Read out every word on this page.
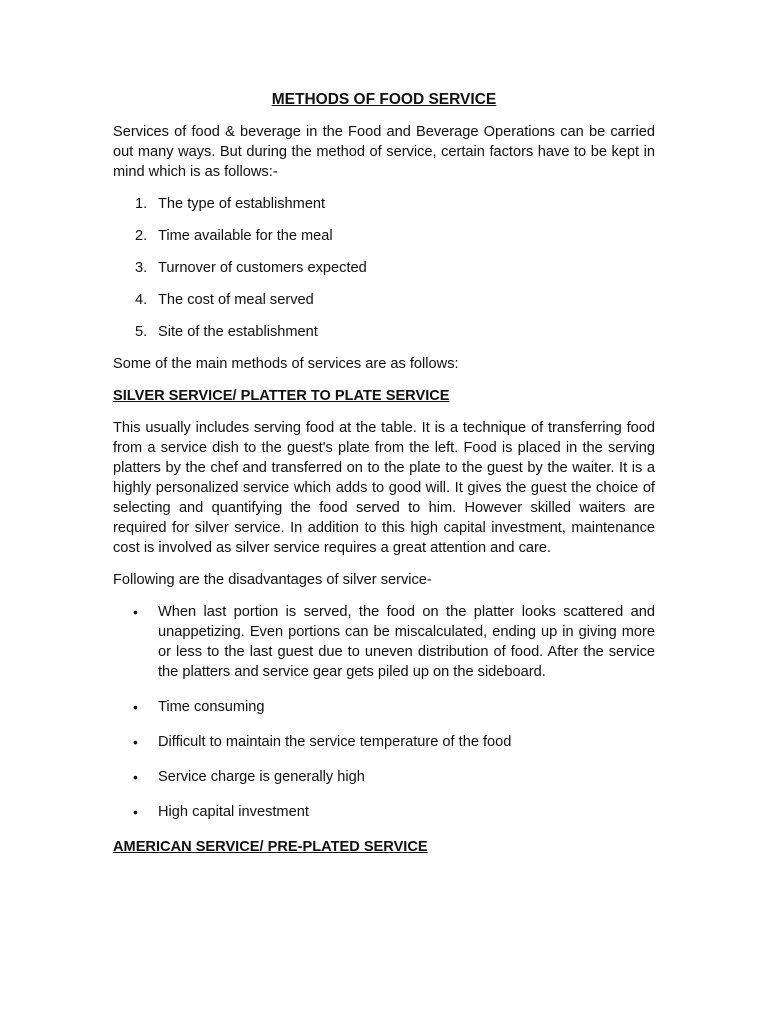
METHODS OF FOOD SERVICE
Services of food & beverage in the Food and Beverage Operations can be carried out many ways. But during the method of service, certain factors have to be kept in mind which is as follows:-
1. The type of establishment
2. Time available for the meal
3. Turnover of customers expected
4. The cost of meal served
5. Site of the establishment
Some of the main methods of services are as follows:
SILVER SERVICE/ PLATTER TO PLATE SERVICE
This usually includes serving food at the table. It is a technique of transferring food from a service dish to the guest's plate from the left. Food is placed in the serving platters by the chef and transferred on to the plate to the guest by the waiter. It is a highly personalized service which adds to good will. It gives the guest the choice of selecting and quantifying the food served to him. However skilled waiters are required for silver service. In addition to this high capital investment, maintenance cost is involved as silver service requires a great attention and care.
Following are the disadvantages of silver service-
• When last portion is served, the food on the platter looks scattered and unappetizing. Even portions can be miscalculated, ending up in giving more or less to the last guest due to uneven distribution of food. After the service the platters and service gear gets piled up on the sideboard.
• Time consuming
• Difficult to maintain the service temperature of the food
• Service charge is generally high
• High capital investment
AMERICAN SERVICE/ PRE-PLATED SERVICE
